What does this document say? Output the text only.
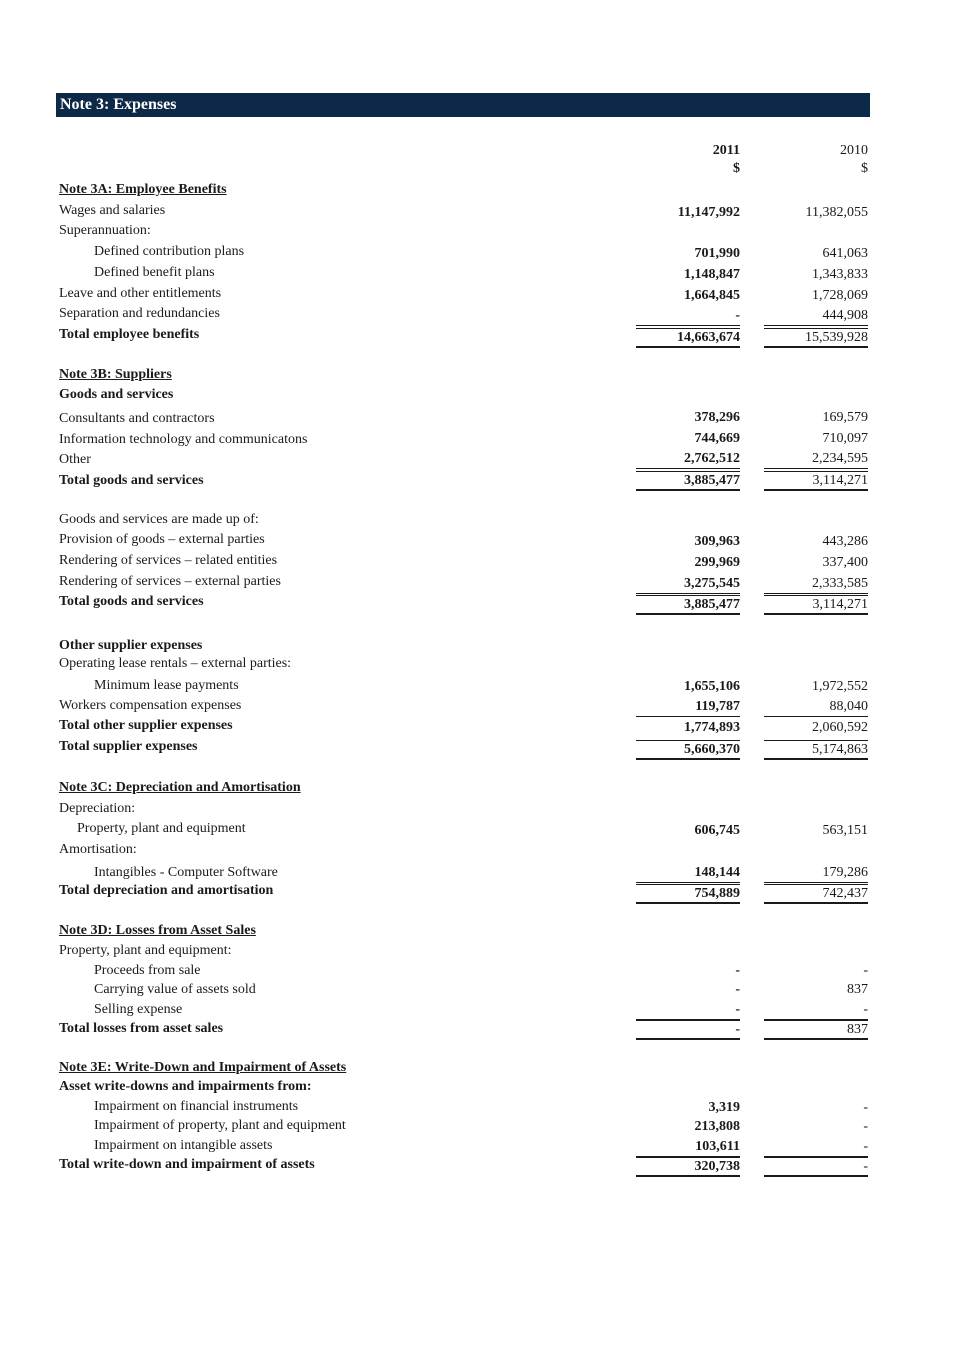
Note 3: Expenses
2011	2010
$	$
Note 3A: Employee Benefits
Wages and salaries	11,147,992	11,382,055
Superannuation:
Defined contribution plans	701,990	641,063
Defined benefit plans	1,148,847	1,343,833
Leave and other entitlements	1,664,845	1,728,069
Separation and redundancies	-	444,908
Total employee benefits	14,663,674	15,539,928
Note 3B: Suppliers
Goods and services
Consultants and contractors	378,296	169,579
Information technology and communicatons	744,669	710,097
Other	2,762,512	2,234,595
Total goods and services	3,885,477	3,114,271
Goods and services are made up of:
Provision of goods – external parties	309,963	443,286
Rendering of services – related entities	299,969	337,400
Rendering of services – external parties	3,275,545	2,333,585
Total goods and services	3,885,477	3,114,271
Other supplier expenses
Operating lease rentals – external parties:
Minimum lease payments	1,655,106	1,972,552
Workers compensation expenses	119,787	88,040
Total other supplier expenses	1,774,893	2,060,592
Total supplier expenses	5,660,370	5,174,863
Note 3C: Depreciation and Amortisation
Depreciation:
Property, plant and equipment	606,745	563,151
Amortisation:
Intangibles - Computer Software	148,144	179,286
Total depreciation and amortisation	754,889	742,437
Note 3D: Losses from Asset Sales
Property, plant and equipment:
Proceeds from sale	-	-
Carrying value of assets sold	-	837
Selling expense	-	-
Total losses from asset sales	-	837
Note 3E: Write-Down and Impairment of Assets
Asset write-downs and impairments from:
Impairment on financial instruments	3,319	-
Impairment of property, plant and equipment	213,808	-
Impairment on intangible assets	103,611	-
Total write-down and impairment of assets	320,738	-
